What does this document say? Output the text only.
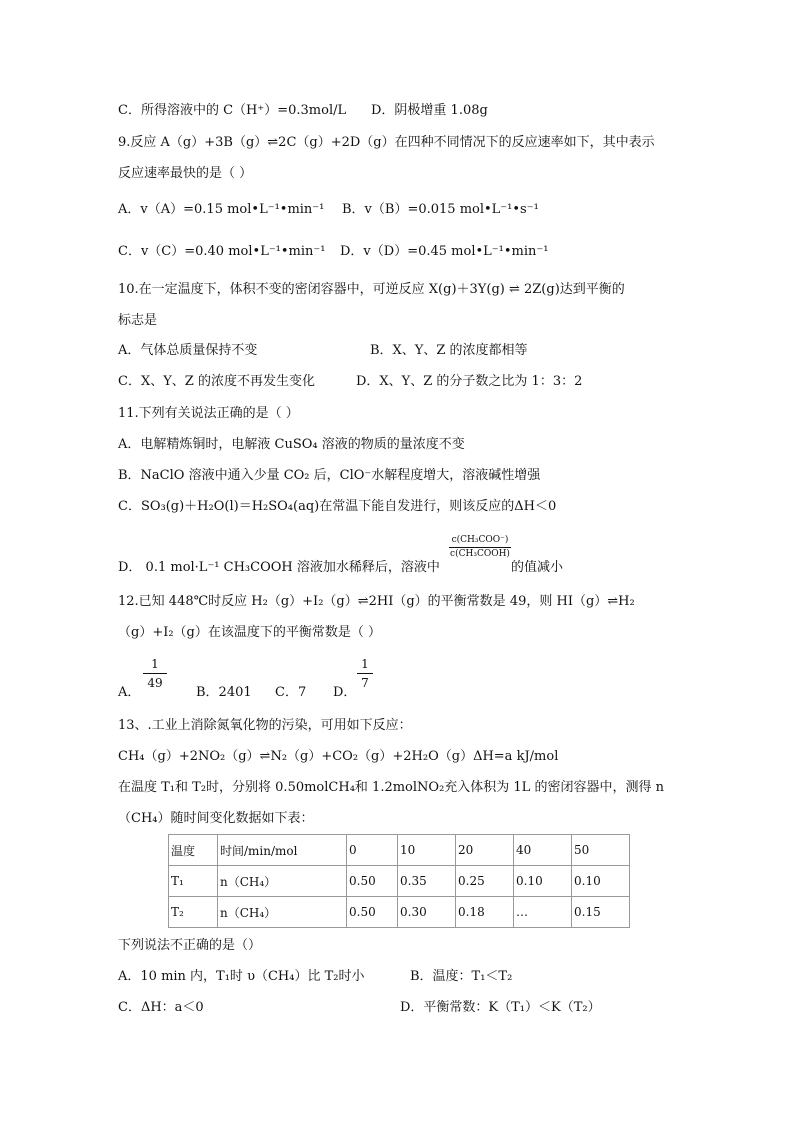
C．所得溶液中的 C（H⁺）=0.3mol/L D．阴极增重 1.08g
9.反应 A（g）+3B（g）⇌2C（g）+2D（g）在四种不同情况下的反应速率如下，其中表示
反应速率最快的是（ ）
A．v（A）=0.15 mol•L⁻¹•min⁻¹ B．v（B）=0.015 mol•L⁻¹•s⁻¹
C．v（C）=0.40 mol•L⁻¹•min⁻¹ D．v（D）=0.45 mol•L⁻¹•min⁻¹
10.在一定温度下，体积不变的密闭容器中，可逆反应 X(g)＋3Y(g) ⇌ 2Z(g)达到平衡的
标志是
A．气体总质量保持不变	B．X、Y、Z 的浓度都相等
C．X、Y、Z 的浓度不再发生变化	D．X、Y、Z 的分子数之比为 1：3：2
11.下列有关说法正确的是（ ）
A．电解精炼铜时，电解液 CuSO₄ 溶液的物质的量浓度不变
B．NaClO 溶液中通入少量 CO₂ 后，ClO⁻水解程度增大，溶液碱性增强
C．SO₃(g)＋H₂O(l)＝H₂SO₄(aq)在常温下能自发进行，则该反应的ΔH＜0
D． 0.1 mol·L⁻¹ CH₃COOH 溶液加水稀释后，溶液中
c(CH₃COO⁻)
c(CH₃COOH)
的值减小
12.已知 448℃时反应 H₂（g）+I₂（g）⇌2HI（g）的平衡常数是 49，则 HI（g）⇌H₂
（g）+I₂（g）在该温度下的平衡常数是（ ）
A．
1
49
B．2401 C．7 D．
1
7
13、.工业上消除氮氧化物的污染，可用如下反应：
CH₄（g）+2NO₂（g）⇌N₂（g）+CO₂（g）+2H₂O（g）ΔH=a kJ/mol
在温度 T₁和 T₂时，分别将 0.50molCH₄和 1.2molNO₂充入体积为 1L 的密闭容器中，测得 n
（CH₄）随时间变化数据如下表：
温度	时间/min/mol	0	10	20	40	50
T₁	n（CH₄）	0.50	0.35	0.25	0.10	0.10
T₂	n（CH₄）	0.50	0.30	0.18	…	0.15
下列说法不正确的是（）
A．10 min 内，T₁时 υ（CH₄）比 T₂时小	B．温度：T₁＜T₂
C．ΔH：a＜0	D．平衡常数：K（T₁）＜K（T₂）
